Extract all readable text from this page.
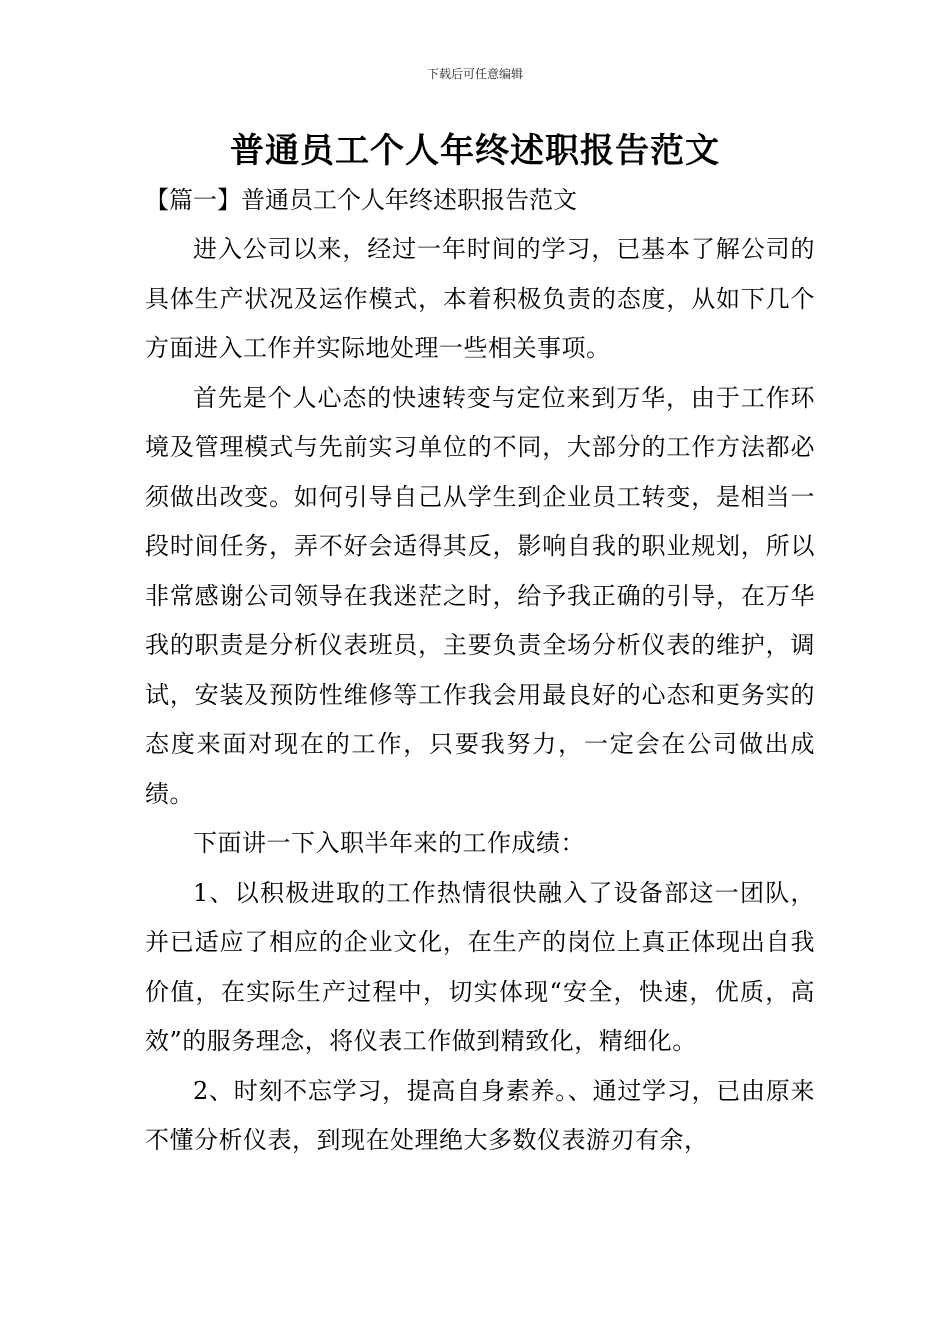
下载后可任意编辑
普通员工个人年终述职报告范文
【篇一】普通员工个人年终述职报告范文

进入公司以来，经过一年时间的学习，已基本了解公司的具体生产状况及运作模式，本着积极负责的态度，从如下几个方面进入工作并实际地处理一些相关事项。

首先是个人心态的快速转变与定位来到万华，由于工作环境及管理模式与先前实习单位的不同，大部分的工作方法都必须做出改变。如何引导自己从学生到企业员工转变，是相当一段时间任务，弄不好会适得其反，影响自我的职业规划，所以非常感谢公司领导在我迷茫之时，给予我正确的引导，在万华我的职责是分析仪表班员，主要负责全场分析仪表的维护，调试，安装及预防性维修等工作我会用最良好的心态和更务实的态度来面对现在的工作，只要我努力，一定会在公司做出成绩。

下面讲一下入职半年来的工作成绩：

1、以积极进取的工作热情很快融入了设备部这一团队，并已适应了相应的企业文化，在生产的岗位上真正体现出自我价值，在实际生产过程中，切实体现“安全，快速，优质，高效”的服务理念，将仪表工作做到精致化，精细化。

2、时刻不忘学习，提高自身素养。、通过学习，已由原来不懂分析仪表，到现在处理绝大多数仪表游刃有余，
